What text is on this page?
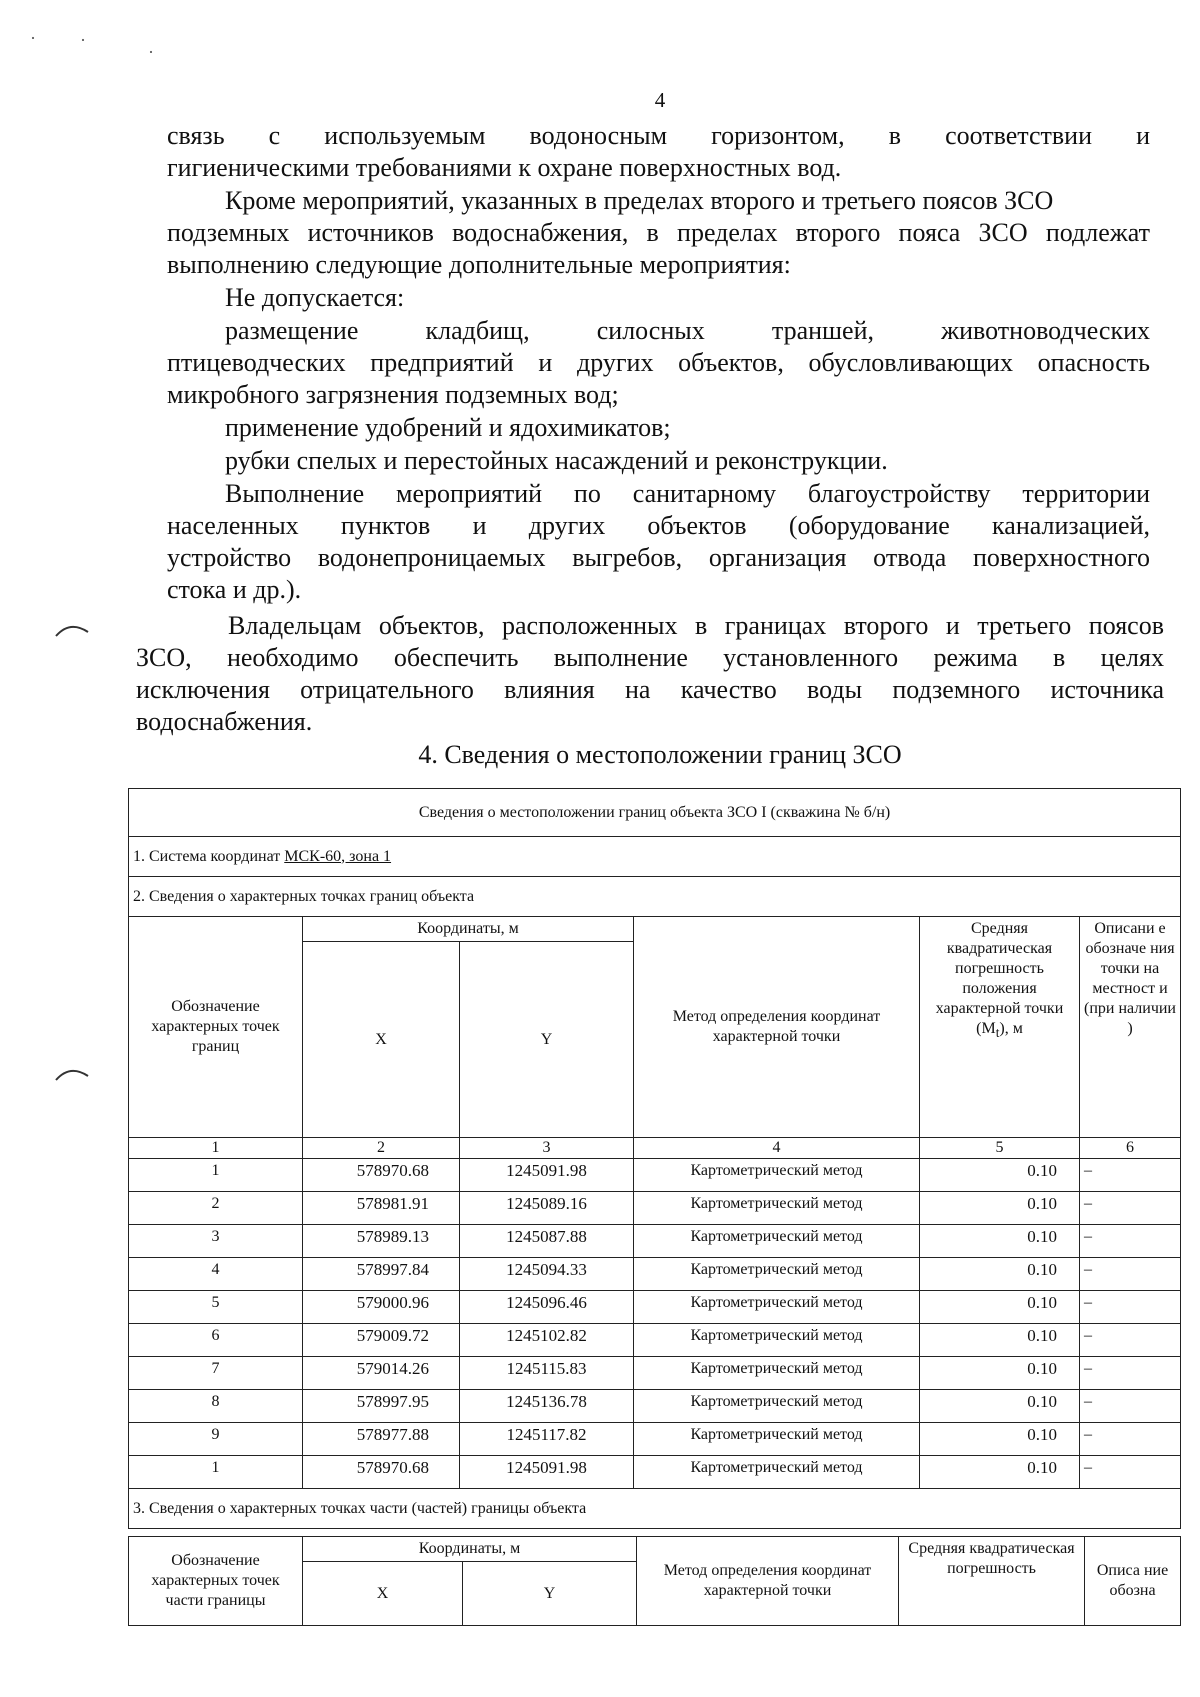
4
связь с используемым водоносным горизонтом, в соответствии и
гигиеническими требованиями к охране поверхностных вод.
Кроме мероприятий, указанных в пределах второго и третьего поясов ЗСО
подземных источников водоснабжения, в пределах второго пояса ЗСО подлежат
выполнению следующие дополнительные мероприятия:
Не допускается:
размещение	кладбищ,	силосных	траншей,	животноводческих
птицеводческих предприятий и других объектов, обусловливающих опасность
микробного загрязнения подземных вод;
применение удобрений и ядохимикатов;
рубки спелых и перестойных насаждений и реконструкции.
Выполнение мероприятий по санитарному благоустройству территории
населенных пунктов и других объектов (оборудование канализацией,
устройство водонепроницаемых выгребов, организация отвода поверхностного
стока и др.).
Владельцам объектов, расположенных в границах второго и третьего поясов
ЗСО, необходимо обеспечить выполнение установленного режима в целях
исключения отрицательного влияния на качество воды подземного источника
водоснабжения.
4. Сведения о местоположении границ ЗСО
Сведения о местоположении границ объекта ЗСО I (скважина № б/н)					
1. Система координат МСК-60, зона 1					
2. Сведения о характерных точках границ объекта					
Обозначение характерных точек границ	Координаты, м		Метод определения координат характерной точки	Средняя квадратическая погрешность положения характерной точки $(M_t)$, м	Описани е обозначе ния точки на местност и (при наличии )
	X	Y			
1	2	3	4	5	6
1	578970.68	1245091.98	Картометрический метод	0.10	–
2	578981.91	1245089.16	Картометрический метод	0.10	–
3	578989.13	1245087.88	Картометрический метод	0.10	–
4	578997.84	1245094.33	Картометрический метод	0.10	–
5	579000.96	1245096.46	Картометрический метод	0.10	–
6	579009.72	1245102.82	Картометрический метод	0.10	–
7	579014.26	1245115.83	Картометрический метод	0.10	–
8	578997.95	1245136.78	Картометрический метод	0.10	–
9	578977.88	1245117.82	Картометрический метод	0.10	–
1	578970.68	1245091.98	Картометрический метод	0.10	–
3. Сведения о характерных точках части (частей) границы объекта					
Обозначение характерных точек части границы	Координаты, м		Метод определения координат характерной точки	Средняя квадратическая погрешность	Описа ние обозна
	X	Y			
· ·
·
